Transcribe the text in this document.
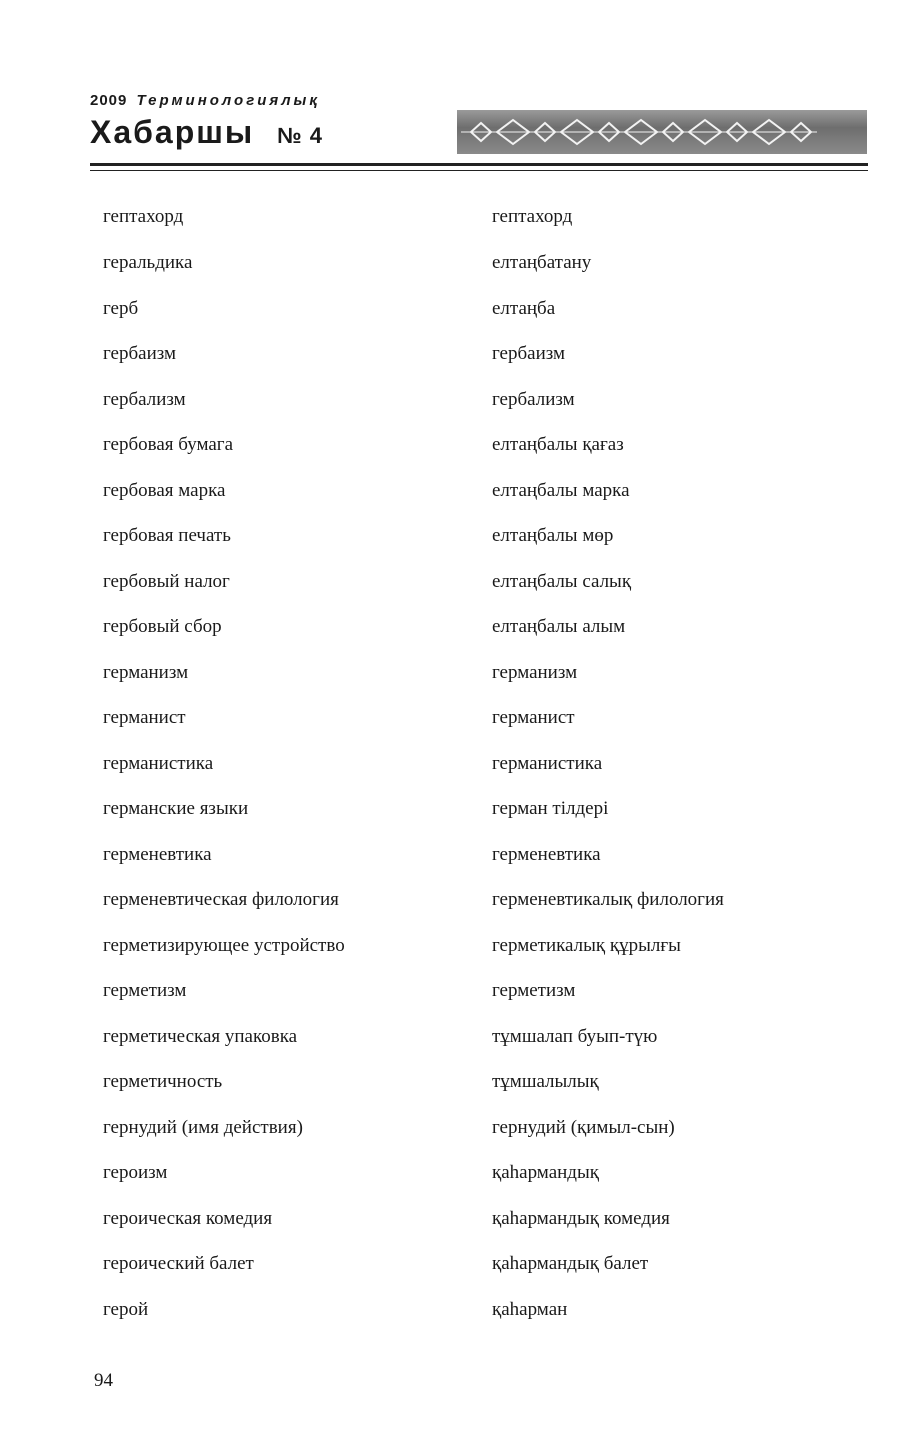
2009 Терминологиялық
Хабаршы № 4
гептахорд	гептахорд
геральдика	елтаңбатану
герб	елтаңба
гербаизм	гербаизм
гербализм	гербализм
гербовая бумага	елтаңбалы қағаз
гербовая марка	елтаңбалы марка
гербовая печать	елтаңбалы мөр
гербовый налог	елтаңбалы салық
гербовый сбор	елтаңбалы алым
германизм	германизм
германист	германист
германистика	германистика
германские языки	герман тілдері
герменевтика	герменевтика
герменевтическая филология	герменевтикалық филология
герметизирующее устройство	герметикалық құрылғы
герметизм	герметизм
герметическая упаковка	тұмшалап буып-түю
герметичность	тұмшалылық
гернудий (имя действия)	гернудий (қимыл-сын)
героизм	қаһармандық
героическая комедия	қаһармандық комедия
героический балет	қаһармандық балет
герой	қаһарман
94
